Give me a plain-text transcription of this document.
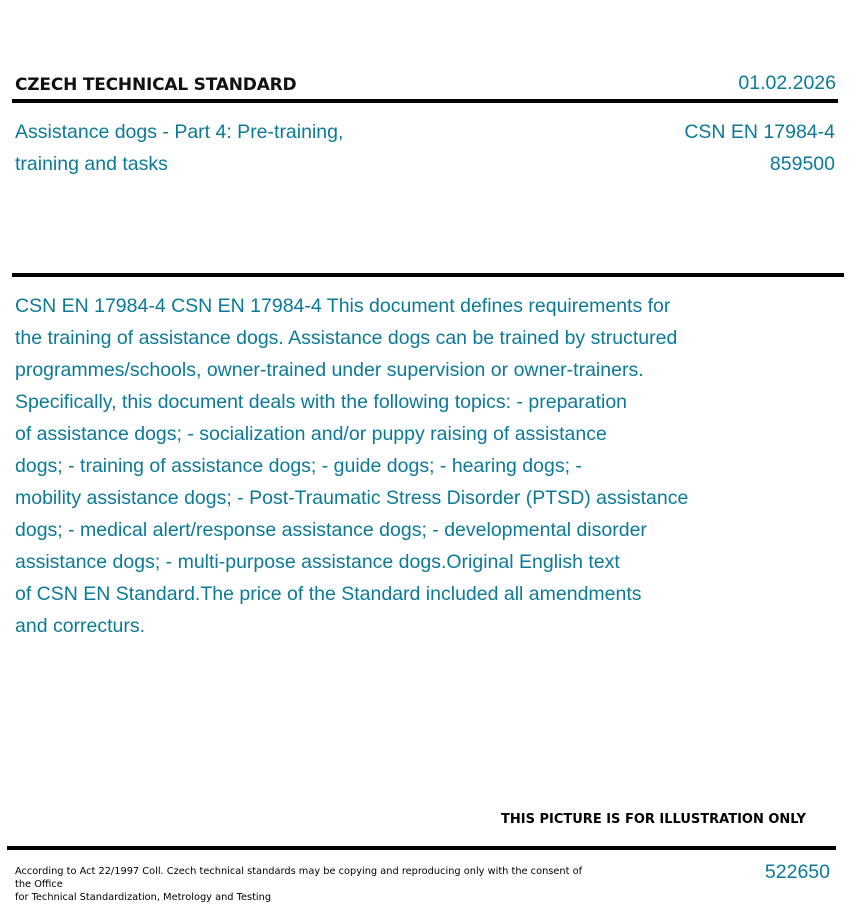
CZECH TECHNICAL STANDARD	01.02.2026
Assistance dogs - Part 4: Pre-training,
training and tasks
CSN EN 17984-4
859500
CSN EN 17984-4 CSN EN 17984-4 This document defines requirements for
the training of assistance dogs. Assistance dogs can be trained by structured
programmes/schools, owner-trained under supervision or owner-trainers.
Specifically, this document deals with the following topics: - preparation
of assistance dogs; - socialization and/or puppy raising of assistance
dogs; - training of assistance dogs; - guide dogs; - hearing dogs; -
mobility assistance dogs; - Post-Traumatic Stress Disorder (PTSD) assistance
dogs; - medical alert/response assistance dogs; - developmental disorder
assistance dogs; - multi-purpose assistance dogs.Original English text
of CSN EN Standard.The price of the Standard included all amendments
and correcturs.
THIS PICTURE IS FOR ILLUSTRATION ONLY
According to Act 22/1997 Coll. Czech technical standards may be copying and reproducing only with the consent of the Office
for Technical Standardization, Metrology and Testing
522650
